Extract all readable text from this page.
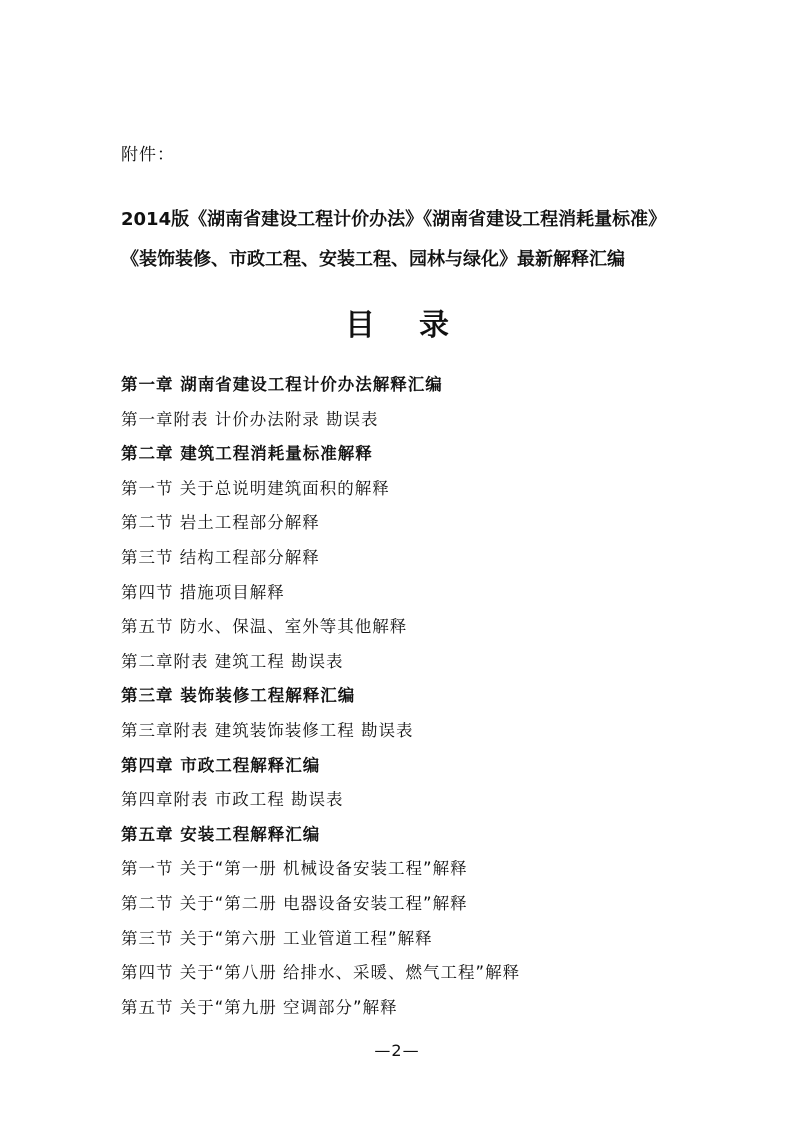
附件：
2014版《湖南省建设工程计价办法》《湖南省建设工程消耗量标准》
《装饰装修、市政工程、安装工程、园林与绿化》最新解释汇编
目录
第一章 湖南省建设工程计价办法解释汇编
第一章附表 计价办法附录 勘误表
第二章 建筑工程消耗量标准解释
第一节 关于总说明建筑面积的解释
第二节 岩土工程部分解释
第三节 结构工程部分解释
第四节 措施项目解释
第五节 防水、保温、室外等其他解释
第二章附表 建筑工程 勘误表
第三章 装饰装修工程解释汇编
第三章附表 建筑装饰装修工程 勘误表
第四章 市政工程解释汇编
第四章附表 市政工程 勘误表
第五章 安装工程解释汇编
第一节 关于“第一册 机械设备安装工程”解释
第二节 关于“第二册 电器设备安装工程”解释
第三节 关于“第六册 工业管道工程”解释
第四节 关于“第八册 给排水、采暖、燃气工程”解释
第五节 关于“第九册 空调部分”解释
—2—
